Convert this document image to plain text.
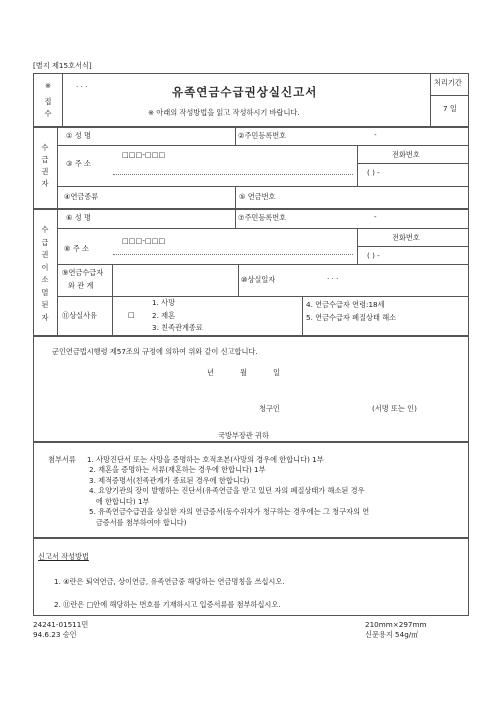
[별지 제15호서식]
※
접수
· · ·	유족연금수급권상실신고서
※ 아래의 작성방법을 읽고 작성하시기 바랍니다.
처리기간
7 일
수급권자
① 성 명	②주민등록번호	-
③ 주 소
□□□-□□□	전화번호
( ) -
④연금종류	⑤ 연금번호
수급권이소멸된자
⑥ 성 명	⑦주민등록번호	-
⑧ 주 소
□□□-□□□	전화번호
( ) -
⑨연금수급자
와 관 계
⑩상실일자	· · ·
⑪상실사유	□
1. 사망
2. 재혼
3. 친족관계종료
4. 연금수급자 연령:18세
5. 연금수급자 폐질상태 해소
군인연금법시행령 제57조의 규정에 의하여 위와 같이 신고합니다.
년	월	일
청구인	(서명 또는 인)
국방부장관 귀하
첨부서류 1. 사망진단서 또는 사망을 증명하는 호적초본(사망의 경우에 한합니다) 1부
2. 재혼을 증명하는 서류(재혼하는 경우에 한합니다) 1부
3. 제적증명서(친족관계가 종료된 경우에 한합니다)
4. 요양기관의 장이 발행하는 진단서(유족연금을 받고 있던 자의 폐질상태가 해소된 경우
에 한합니다) 1부
5. 유족연금수급권을 상실한 자의 연금증서(동수위자가 청구하는 경우에는 그 청구자의 연
금증서를 첨부하여야 합니다)
신고서 작성방법
1. ④란은 퇴역연금, 상이연금, 유족연금중 해당하는 연금명칭을 쓰십시오.
2. ⑪란은 □안에 해당하는 번호를 기재하시고 입증서류를 첨부하십시오.
24241-01511민
94.6.23 승인
210mm×297mm
신문용지 54g/㎡
